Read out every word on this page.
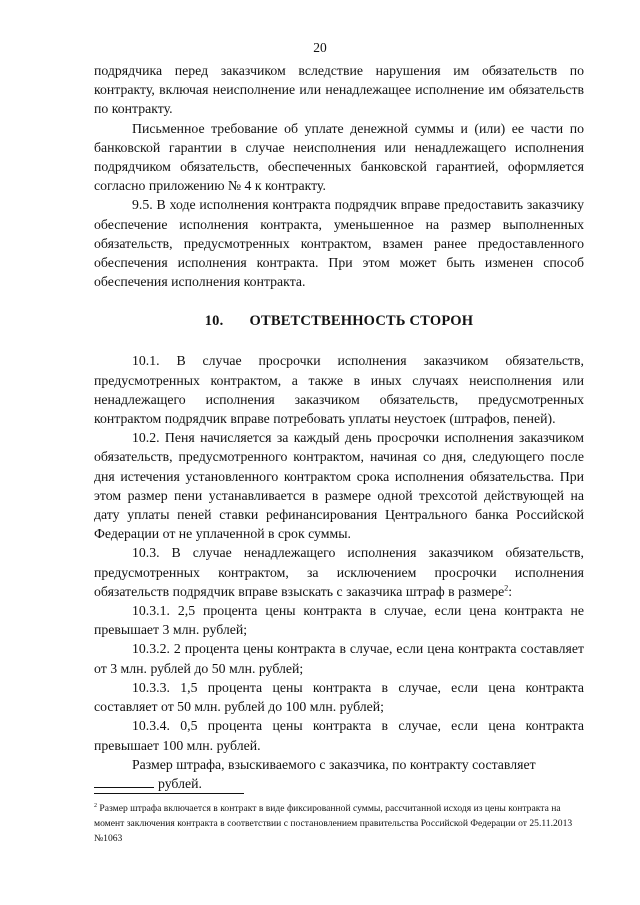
20

подрядчика перед заказчиком вследствие нарушения им обязательств по контракту, включая неисполнение или ненадлежащее исполнение им обязательств по контракту.

Письменное требование об уплате денежной суммы и (или) ее части по банковской гарантии в случае неисполнения или ненадлежащего исполнения подрядчиком обязательств, обеспеченных банковской гарантией, оформляется согласно приложению № 4 к контракту.

9.5. В ходе исполнения контракта подрядчик вправе предоставить заказчику обеспечение исполнения контракта, уменьшенное на размер выполненных обязательств, предусмотренных контрактом, взамен ранее предоставленного обеспечения исполнения контракта. При этом может быть изменен способ обеспечения исполнения контракта.

10. ОТВЕТСТВЕННОСТЬ СТОРОН

10.1. В случае просрочки исполнения заказчиком обязательств, предусмотренных контрактом, а также в иных случаях неисполнения или ненадлежащего исполнения заказчиком обязательств, предусмотренных контрактом подрядчик вправе потребовать уплаты неустоек (штрафов, пеней).

10.2. Пеня начисляется за каждый день просрочки исполнения заказчиком обязательств, предусмотренного контрактом, начиная со дня, следующего после дня истечения установленного контрактом срока исполнения обязательства. При этом размер пени устанавливается в размере одной трехсотой действующей на дату уплаты пеней ставки рефинансирования Центрального банка Российской Федерации от не уплаченной в срок суммы.

10.3. В случае ненадлежащего исполнения заказчиком обязательств, предусмотренных контрактом, за исключением просрочки исполнения обязательств подрядчик вправе взыскать с заказчика штраф в размере$^2$:

10.3.1. 2,5 процента цены контракта в случае, если цена контракта не превышает 3 млн. рублей;

10.3.2. 2 процента цены контракта в случае, если цена контракта составляет от 3 млн. рублей до 50 млн. рублей;

10.3.3. 1,5 процента цены контракта в случае, если цена контракта составляет от 50 млн. рублей до 100 млн. рублей;

10.3.4. 0,5 процента цены контракта в случае, если цена контракта превышает 100 млн. рублей.

Размер штрафа, взыскиваемого с заказчика, по контракту составляет

рублей.

$^2$ Размер штрафа включается в контракт в виде фиксированной суммы, рассчитанной исходя из цены контракта на момент заключения контракта в соответствии с постановлением правительства Российской Федерации от 25.11.2013 №1063
